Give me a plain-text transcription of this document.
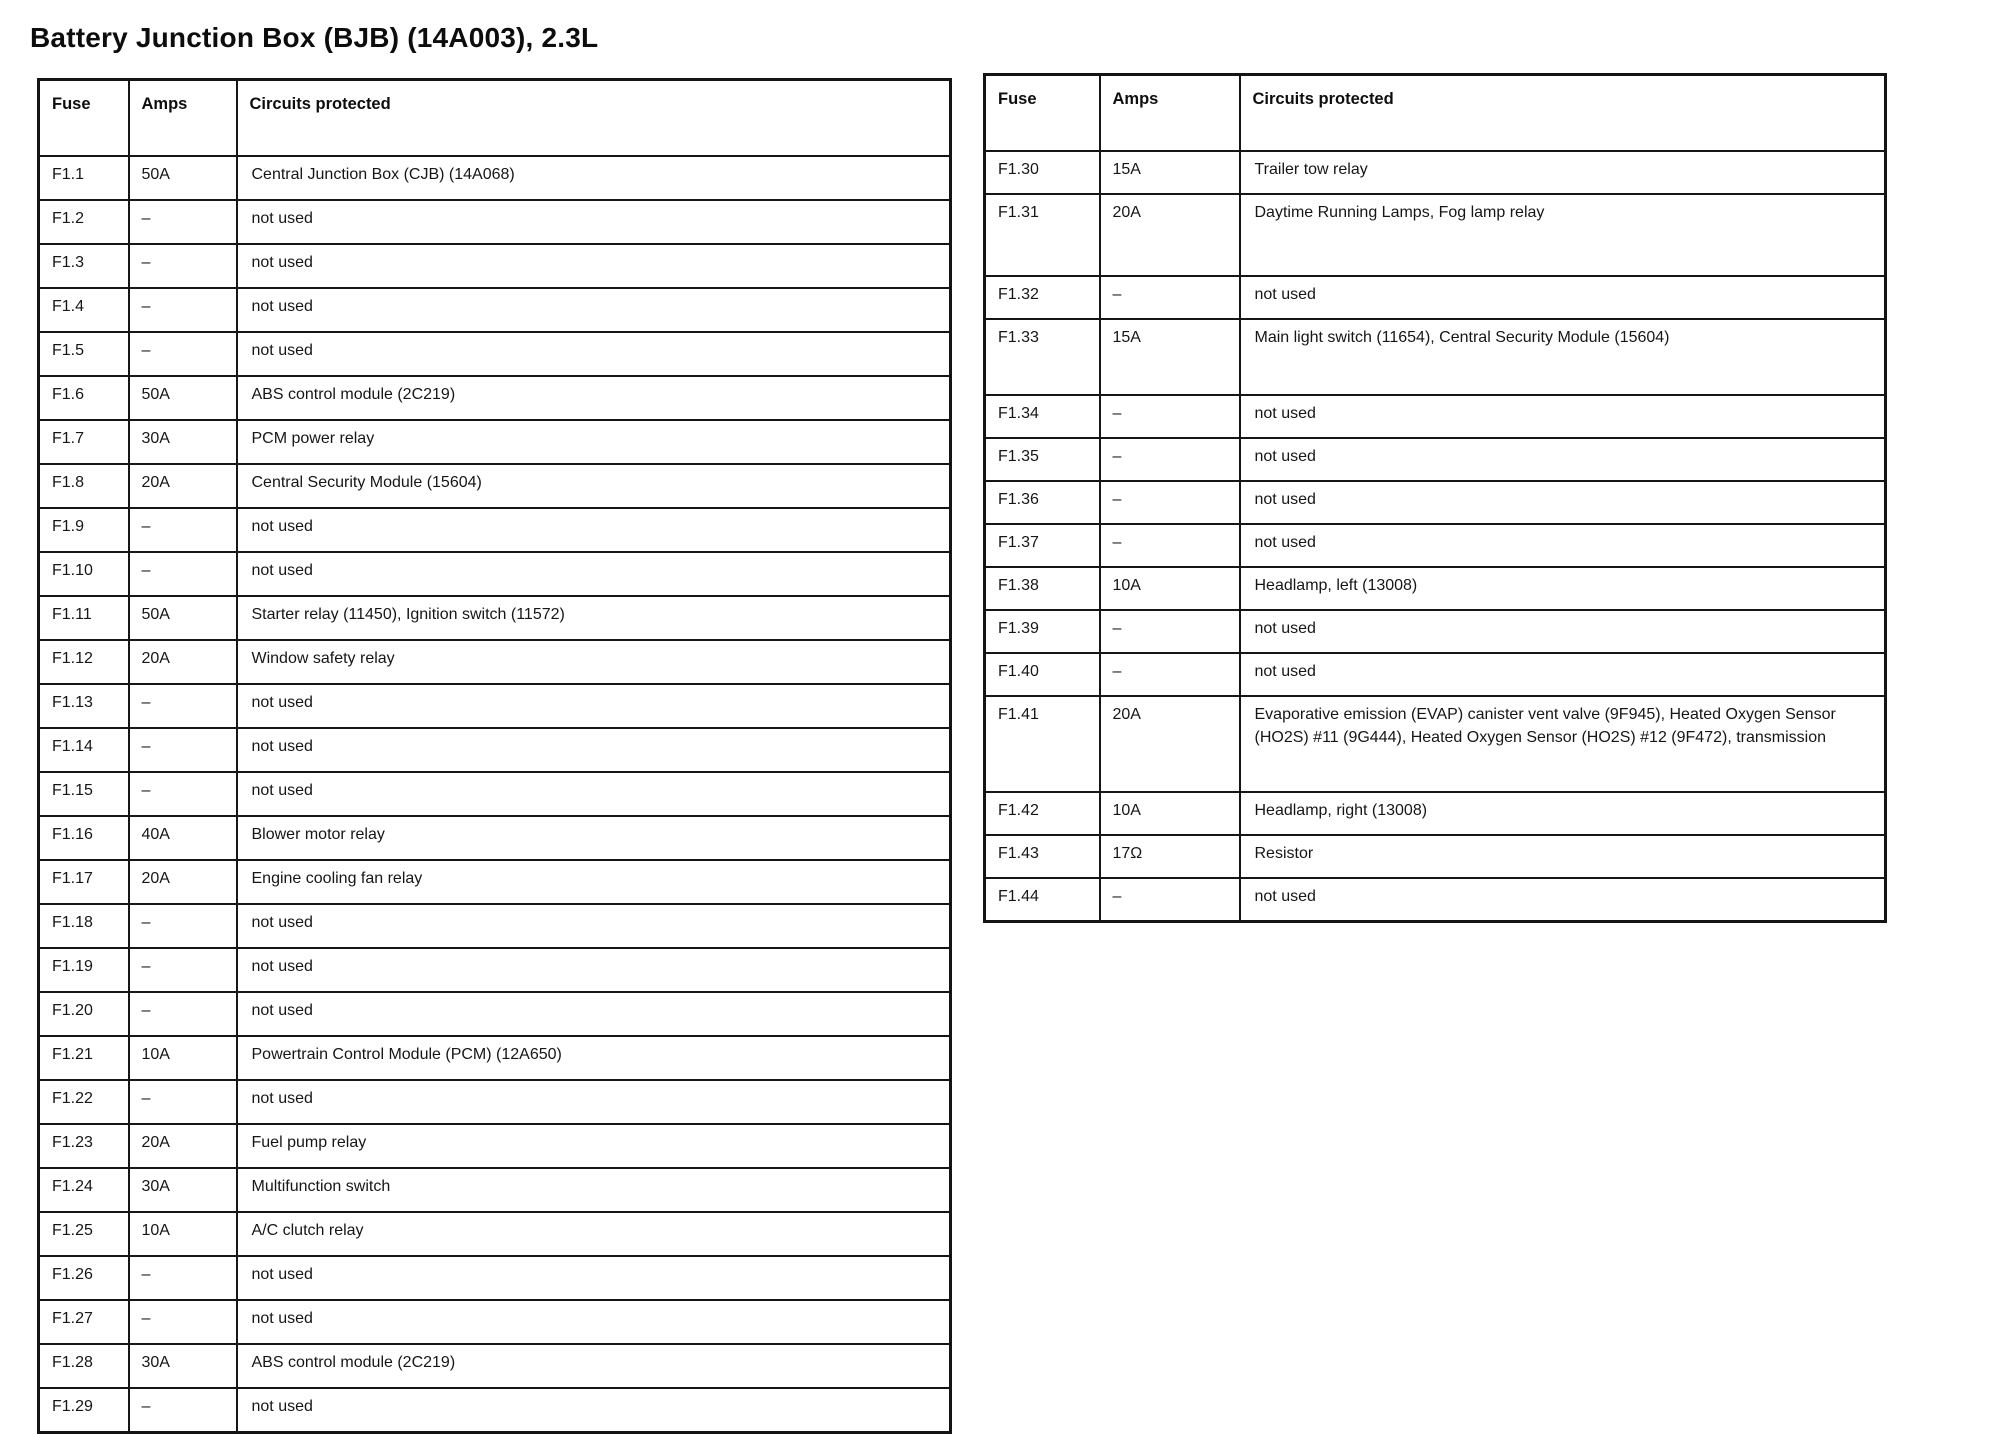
Battery Junction Box (BJB) (14A003), 2.3L
Fuse	Amps	Circuits protected
F1.1	50A	Central Junction Box (CJB) (14A068)
F1.2	–	not used
F1.3	–	not used
F1.4	–	not used
F1.5	–	not used
F1.6	50A	ABS control module (2C219)
F1.7	30A	PCM power relay
F1.8	20A	Central Security Module (15604)
F1.9	–	not used
F1.10	–	not used
F1.11	50A	Starter relay (11450), Ignition switch (11572)
F1.12	20A	Window safety relay
F1.13	–	not used
F1.14	–	not used
F1.15	–	not used
F1.16	40A	Blower motor relay
F1.17	20A	Engine cooling fan relay
F1.18	–	not used
F1.19	–	not used
F1.20	–	not used
F1.21	10A	Powertrain Control Module (PCM) (12A650)
F1.22	–	not used
F1.23	20A	Fuel pump relay
F1.24	30A	Multifunction switch
F1.25	10A	A/C clutch relay
F1.26	–	not used
F1.27	–	not used
F1.28	30A	ABS control module (2C219)
F1.29	–	not used
Fuse	Amps	Circuits protected
F1.30	15A	Trailer tow relay
F1.31	20A	Daytime Running Lamps, Fog lamp relay
F1.32	–	not used
F1.33	15A	Main light switch (11654), Central Security Module (15604)
F1.34	–	not used
F1.35	–	not used
F1.36	–	not used
F1.37	–	not used
F1.38	10A	Headlamp, left (13008)
F1.39	–	not used
F1.40	–	not used
F1.41	20A	Evaporative emission (EVAP) canister vent valve (9F945), Heated Oxygen Sensor (HO2S) #11 (9G444), Heated Oxygen Sensor (HO2S) #12 (9F472), transmission
F1.42	10A	Headlamp, right (13008)
F1.43	17Ω	Resistor
F1.44	–	not used
